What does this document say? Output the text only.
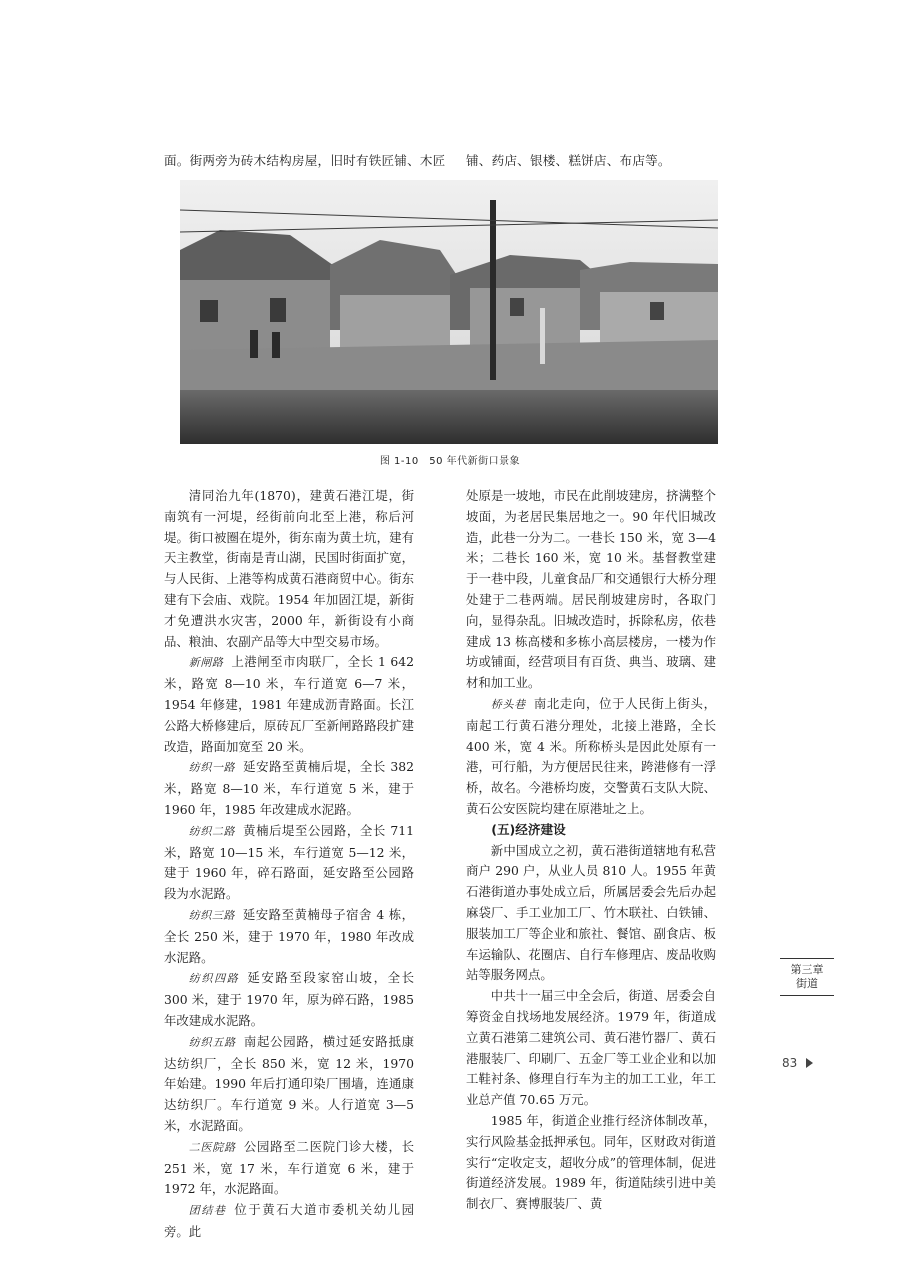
面。街两旁为砖木结构房屋，旧时有铁匠铺、木匠 铺、药店、银楼、糕饼店、布店等。
图 1-10　50 年代新街口景象

清同治九年(1870)，建黄石港江堤，街南筑有一河堤，经街前向北至上港，称后河堤。街口被圈在堤外，街东南为黄土坑，建有天主教堂，街南是青山湖，民国时街面扩宽，与人民街、上港等构成黄石港商贸中心。街东建有下会庙、戏院。1954 年加固江堤，新街才免遭洪水灾害，2000 年，新街设有小商品、粮油、农副产品等大中型交易市场。

新闸路 上港闸至市肉联厂，全长 1 642 米，路宽 8—10 米，车行道宽 6—7 米，1954 年修建，1981 年建成沥青路面。长江公路大桥修建后，原砖瓦厂至新闸路路段扩建改造，路面加宽至 20 米。

纺织一路 延安路至黄楠后堤，全长 382 米，路宽 8—10 米，车行道宽 5 米，建于 1960 年，1985 年改建成水泥路。

纺织二路 黄楠后堤至公园路，全长 711 米，路宽 10—15 米，车行道宽 5—12 米，建于 1960 年，碎石路面，延安路至公园路段为水泥路。

纺织三路 延安路至黄楠母子宿舍 4 栋，全长 250 米，建于 1970 年，1980 年改成水泥路。

纺织四路 延安路至段家窑山坡，全长 300 米，建于 1970 年，原为碎石路，1985 年改建成水泥路。

纺织五路 南起公园路，横过延安路抵康达纺织厂，全长 850 米，宽 12 米，1970 年始建。1990 年后打通印染厂围墙，连通康达纺织厂。车行道宽 9 米。人行道宽 3—5 米，水泥路面。

二医院路 公园路至二医院门诊大楼，长 251 米，宽 17 米，车行道宽 6 米，建于 1972 年，水泥路面。

团结巷 位于黄石大道市委机关幼儿园旁。此

处原是一坡地，市民在此削坡建房，挤满整个坡面，为老居民集居地之一。90 年代旧城改造，此巷一分为二。一巷长 150 米，宽 3—4 米；二巷长 160 米，宽 10 米。基督教堂建于一巷中段，儿童食品厂和交通银行大桥分理处建于二巷两端。居民削坡建房时，各取门向，显得杂乱。旧城改造时，拆除私房，依巷建成 13 栋高楼和多栋小高层楼房，一楼为作坊或铺面，经营项目有百货、典当、玻璃、建材和加工业。

桥头巷 南北走向，位于人民街上街头，南起工行黄石港分理处，北接上港路，全长 400 米，宽 4 米。所称桥头是因此处原有一港，可行船，为方便居民往来，跨港修有一浮桥，故名。今港桥均废，交警黄石支队大院、黄石公安医院均建在原港址之上。

(五)经济建设

新中国成立之初，黄石港街道辖地有私营商户 290 户，从业人员 810 人。1955 年黄石港街道办事处成立后，所属居委会先后办起麻袋厂、手工业加工厂、竹木联社、白铁铺、服装加工厂等企业和旅社、餐馆、副食店、板车运输队、花圈店、自行车修理店、废品收购站等服务网点。

中共十一届三中全会后，街道、居委会自筹资金自找场地发展经济。1979 年，街道成立黄石港第二建筑公司、黄石港竹器厂、黄石港服装厂、印刷厂、五金厂等工业企业和以加工鞋衬条、修理自行车为主的加工工业，年工业总产值 70.65 万元。

1985 年，街道企业推行经济体制改革，实行风险基金抵押承包。同年，区财政对街道实行“定收定支，超收分成”的管理体制，促进街道经济发展。1989 年，街道陆续引进中美制衣厂、赛博服装厂、黄

第三章
街道
83
